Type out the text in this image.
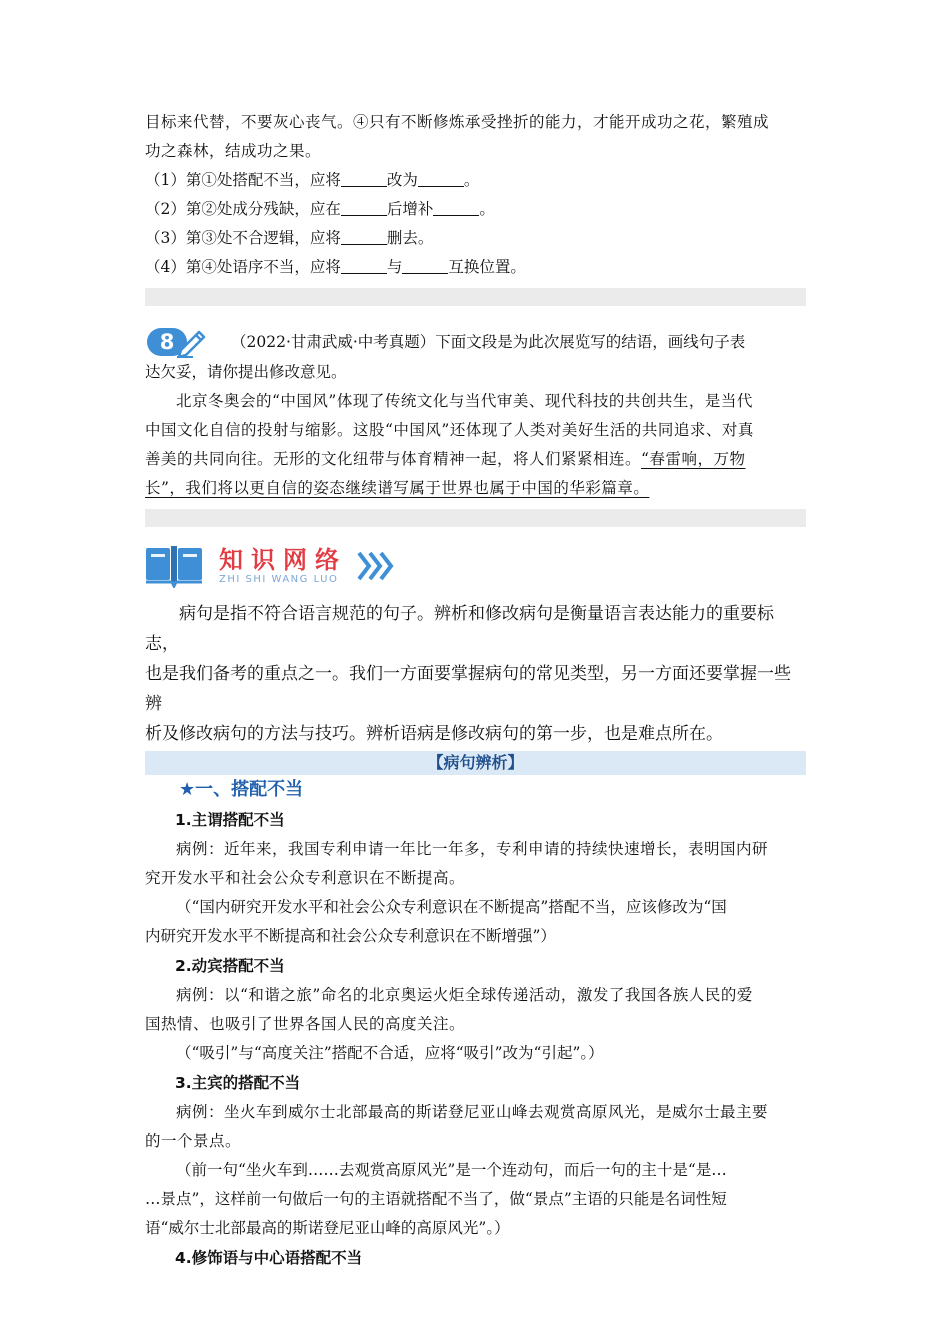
目标来代替，不要灰心丧气。④只有不断修炼承受挫折的能力，才能开成功之花，繁殖成
功之森林，结成功之果。
（1）第①处搭配不当，应将	改为	。
（2）第②处成分残缺，应在	后增补	。
（3）第③处不合逻辑，应将	删去。
（4）第④处语序不当，应将	与	互换位置。
8	（2022·甘肃武威·中考真题）下面文段是为此次展览写的结语，画线句子表
达欠妥，请你提出修改意见。
北京冬奥会的“中国风”体现了传统文化与当代审美、现代科技的共创共生，是当代
中国文化自信的投射与缩影。这股“中国风”还体现了人类对美好生活的共同追求、对真
善美的共同向往。无形的文化纽带与体育精神一起，将人们紧紧相连。“春雷响，万物
长”，我们将以更自信的姿态继续谱写属于世界也属于中国的华彩篇章。
知识网络
ZHI SHI WANG LUO
病句是指不符合语言规范的句子。辨析和修改病句是衡量语言表达能力的重要标志，
也是我们备考的重点之一。我们一方面要掌握病句的常见类型，另一方面还要掌握一些辨
析及修改病句的方法与技巧。辨析语病是修改病句的第一步，也是难点所在。
【病句辨析】
★一、搭配不当
1.主谓搭配不当
病例：近年来，我国专利申请一年比一年多，专利申请的持续快速增长，表明国内研
究开发水平和社会公众专利意识在不断提高。
（“国内研究开发水平和社会公众专利意识在不断提高”搭配不当，应该修改为“国
内研究开发水平不断提高和社会公众专利意识在不断增强”）
2.动宾搭配不当
病例：以“和谐之旅”命名的北京奥运火炬全球传递活动，激发了我国各族人民的爱
国热情、也吸引了世界各国人民的高度关注。
（“吸引”与“高度关注”搭配不合适，应将“吸引”改为“引起”。）
3.主宾的搭配不当
病例：坐火车到威尔士北部最高的斯诺登尼亚山峰去观赏高原风光，是威尔士最主要
的一个景点。
（前一句“坐火车到……去观赏高原风光”是一个连动句，而后一句的主十是“是…
…景点”，这样前一句做后一句的主语就搭配不当了，做“景点”主语的只能是名词性短
语“威尔士北部最高的斯诺登尼亚山峰的高原风光”。）
4.修饰语与中心语搭配不当
